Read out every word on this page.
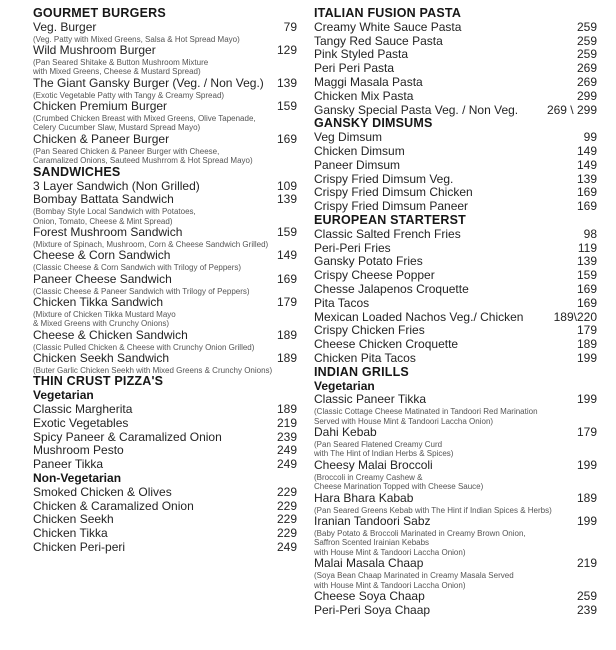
GOURMET BURGERS
Veg. Burger	79
(Veg. Patty with Mixed Greens, Salsa & Hot Spread Mayo)
Wild Mushroom Burger	129
(Pan Seared Shitake & Button Mushroom Mixture
with Mixed Greens, Cheese & Mustard Spread)
The Giant Gansky Burger (Veg. / Non Veg.)	139
(Exotic Vegetable Patty with Tangy & Creamy Spread)
Chicken Premium Burger	159
(Crumbed Chicken Breast with Mixed Greens, Olive Tapenade,
Celery Cucumber Slaw, Mustard Spread Mayo)
Chicken & Paneer Burger	169
(Pan Seared Chicken & Paneer Burger with Cheese,
Caramalized Onions, Sauteed Mushrrom & Hot Spread Mayo)
SANDWICHES
3 Layer Sandwich (Non Grilled)	109
Bombay Battata Sandwich	139
(Bombay Style Local Sandwich with Potatoes,
Onion, Tomato, Cheese & Mint Spread)
Forest Mushroom Sandwich	159
(Mixture of Spinach, Mushroom, Corn & Cheese Sandwich Grilled)
Cheese & Corn Sandwich	149
(Classic Cheese & Corn Sandwich with Trilogy of Peppers)
Paneer Cheese Sandwich	169
(Classic Cheese & Paneer Sandwich with Trilogy of Peppers)
Chicken Tikka Sandwich	179
(Mixture of Chicken Tikka Mustard Mayo
& Mixed Greens with Crunchy Onions)
Cheese & Chicken Sandwich	189
(Classic Pulled Chicken & Cheese with Crunchy Onion Grilled)
Chicken Seekh Sandwich	189
(Buter Garlic Chicken Seekh with Mixed Greens & Crunchy Onions)
THIN CRUST PIZZA'S
Vegetarian
Classic Margherita	189
Exotic Vegetables	219
Spicy Paneer & Caramalized Onion	239
Mushroom Pesto	249
Paneer Tikka	249
Non-Vegetarian
Smoked Chicken & Olives	229
Chicken & Caramalized Onion	229
Chicken Seekh	229
Chicken Tikka	229
Chicken Peri-peri	249
ITALIAN FUSION PASTA
Creamy White Sauce Pasta	259
Tangy Red Sauce Pasta	259
Pink Styled Pasta	259
Peri Peri Pasta	269
Maggi Masala Pasta	269
Chicken Mix Pasta	299
Gansky Special Pasta Veg. / Non Veg.	269 \ 299
GANSKY DIMSUMS
Veg Dimsum	99
Chicken Dimsum	149
Paneer Dimsum	149
Crispy Fried Dimsum Veg.	139
Crispy Fried Dimsum Chicken	169
Crispy Fried Dimsum Paneer	169
EUROPEAN STARTERST
Classic Salted French Fries	98
Peri-Peri Fries	119
Gansky Potato Fries	139
Crispy Cheese Popper	159
Chesse Jalapenos Croquette	169
Pita Tacos	169
Mexican Loaded Nachos Veg./ Chicken	189\220
Crispy Chicken Fries	179
Cheese Chicken Croquette	189
Chicken Pita Tacos	199
INDIAN GRILLS
Vegetarian
Classic Paneer Tikka	199
(Classic Cottage Cheese Matinated in Tandoori Red Marination
Served with House Mint & Tandoori Laccha Onion)
Dahi Kebab	179
(Pan Seared Flatened Creamy Curd
with The Hint of Indian Herbs & Spices)
Cheesy Malai Broccoli	199
(Broccoli in Creamy Cashew &
Cheese Marination Topped with Cheese Sauce)
Hara Bhara Kabab	189
(Pan Seared Greens Kebab with The Hint if Indian Spices & Herbs)
Iranian Tandoori Sabz	199
(Baby Potato & Broccoli Marinated in Creamy Brown Onion,
Saffron Scented Irainian Kebabs
with House Mint & Tandoori Laccha Onion)
Malai Masala Chaap	219
(Soya Bean Chaap Marinated in Creamy Masala Served
with House Mint & Tandoori Laccha Onion)
Cheese Soya Chaap	259
Peri-Peri Soya Chaap	239
